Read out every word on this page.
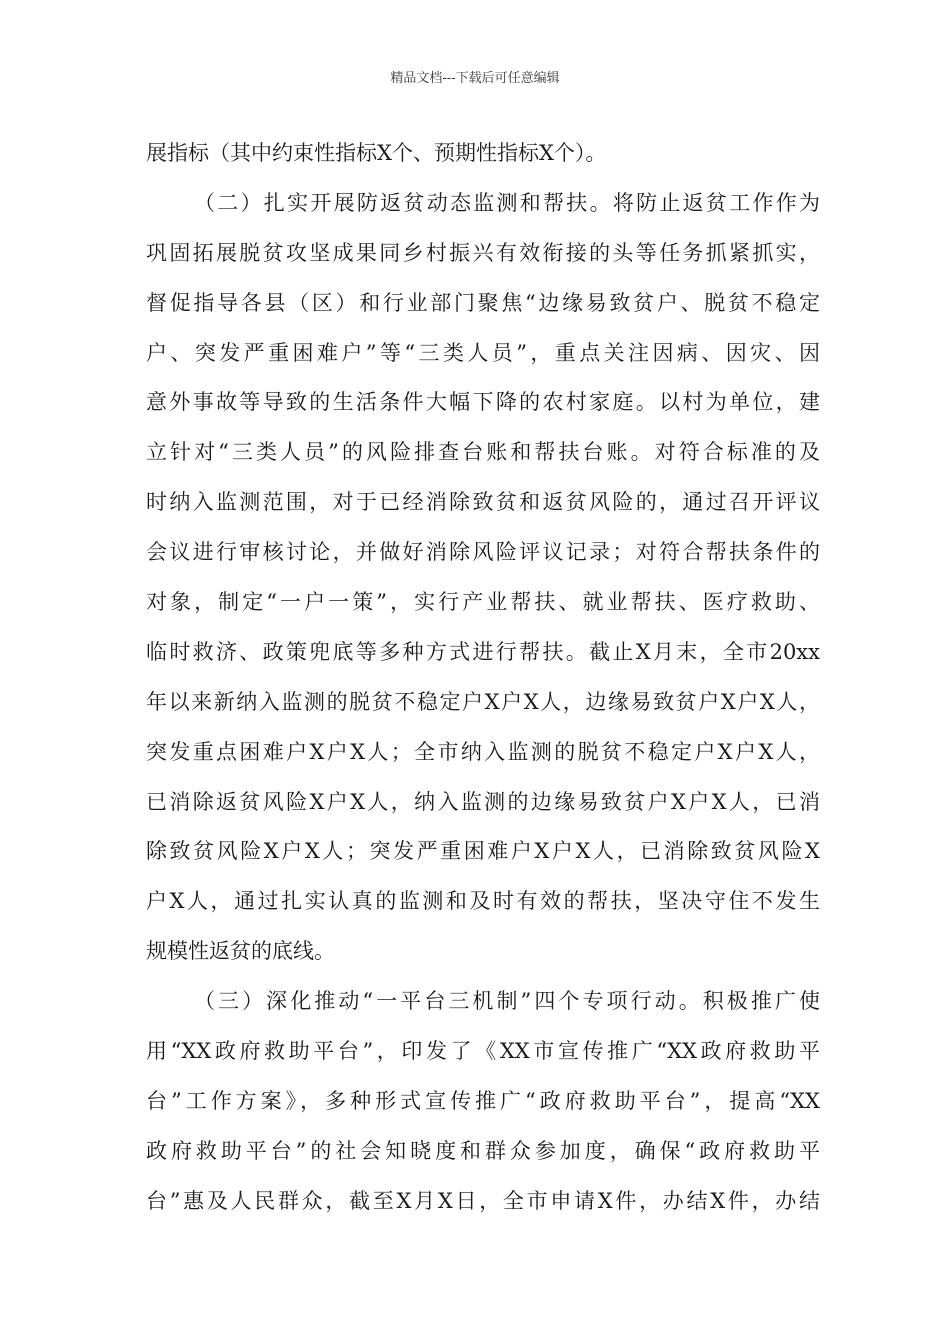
精品文档---下载后可任意编辑
展指标（其中约束性指标X个、预期性指标X个）。
（二）扎实开展防返贫动态监测和帮扶。将防止返贫工作作为
巩固拓展脱贫攻坚成果同乡村振兴有效衔接的头等任务抓紧抓实，
督促指导各县（区）和行业部门聚焦“边缘易致贫户、脱贫不稳定
户、突发严重困难户”等“三类人员”，重点关注因病、因灾、因
意外事故等导致的生活条件大幅下降的农村家庭。以村为单位，建
立针对“三类人员”的风险排查台账和帮扶台账。对符合标准的及
时纳入监测范围，对于已经消除致贫和返贫风险的，通过召开评议
会议进行审核讨论，并做好消除风险评议记录；对符合帮扶条件的
对象，制定“一户一策”，实行产业帮扶、就业帮扶、医疗救助、
临时救济、政策兜底等多种方式进行帮扶。截止X月末，全市20xx
年以来新纳入监测的脱贫不稳定户X户X人，边缘易致贫户X户X人，
突发重点困难户X户X人；全市纳入监测的脱贫不稳定户X户X人，
已消除返贫风险X户X人，纳入监测的边缘易致贫户X户X人，已消
除致贫风险X户X人；突发严重困难户X户X人，已消除致贫风险X
户X人，通过扎实认真的监测和及时有效的帮扶，坚决守住不发生
规模性返贫的底线。
（三）深化推动“一平台三机制”四个专项行动。积极推广使
用“XX政府救助平台”，印发了《XX市宣传推广“XX政府救助平
台”工作方案》，多种形式宣传推广“政府救助平台”，提高“XX
政府救助平台”的社会知晓度和群众参加度，确保“政府救助平
台”惠及人民群众，截至X月X日，全市申请X件，办结X件，办结
